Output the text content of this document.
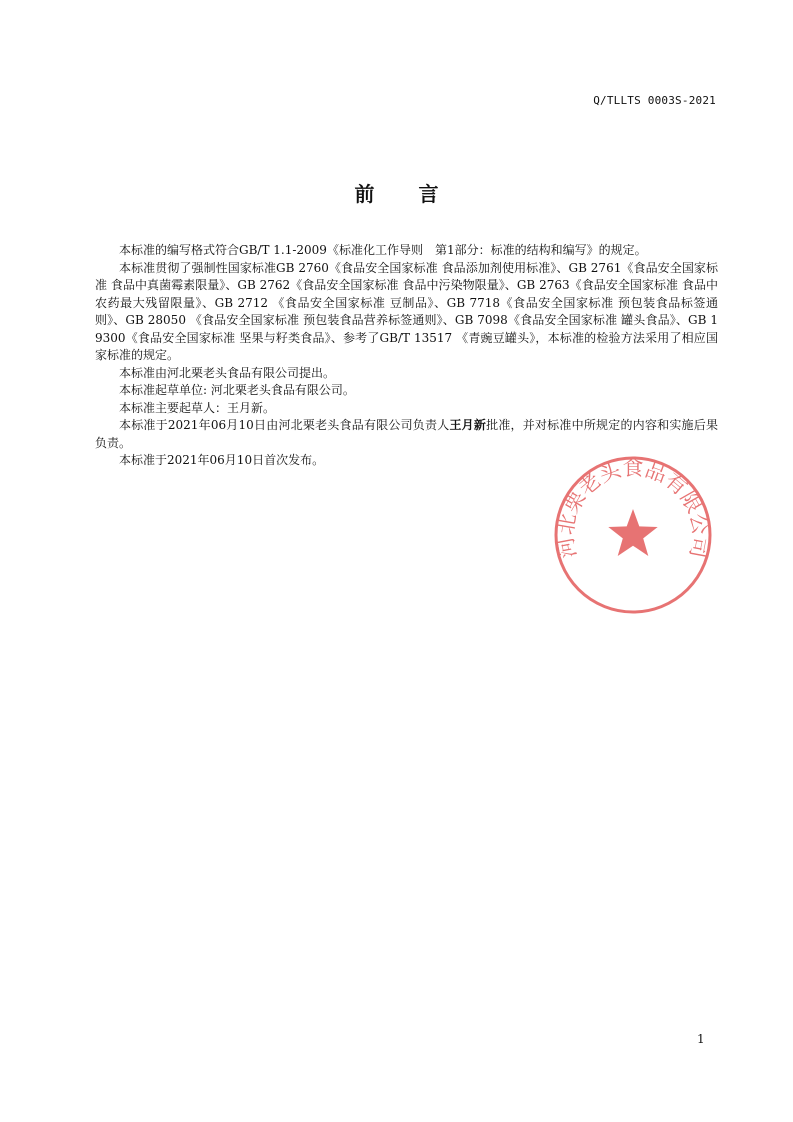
Q/TLLTS 0003S-2021
前言

本标准的编写格式符合GB/T 1.1-2009《标准化工作导则　第1部分：标准的结构和编写》的规定。

本标准贯彻了强制性国家标准GB 2760《食品安全国家标准 食品添加剂使用标准》、GB 2761《食品安全国家标准 食品中真菌霉素限量》、GB 2762《食品安全国家标准 食品中污染物限量》、GB 2763《食品安全国家标准 食品中农药最大残留限量》、GB 2712 《食品安全国家标准 豆制品》、GB 7718《食品安全国家标准 预包装食品标签通则》、GB 28050 《食品安全国家标准 预包装食品营养标签通则》、GB 7098《食品安全国家标准 罐头食品》、GB 19300《食品安全国家标准 坚果与籽类食品》、参考了GB/T 13517 《青豌豆罐头》，本标准的检验方法采用了相应国家标准的规定。

本标准由河北栗老头食品有限公司提出。

本标准起草单位: 河北栗老头食品有限公司。

本标准主要起草人：王月新。

本标准于2021年06月10日由河北栗老头食品有限公司负责人王月新批准，并对标准中所规定的内容和实施后果负责。

本标准于2021年06月10日首次发布。

河北栗老头食品有限公司
1
